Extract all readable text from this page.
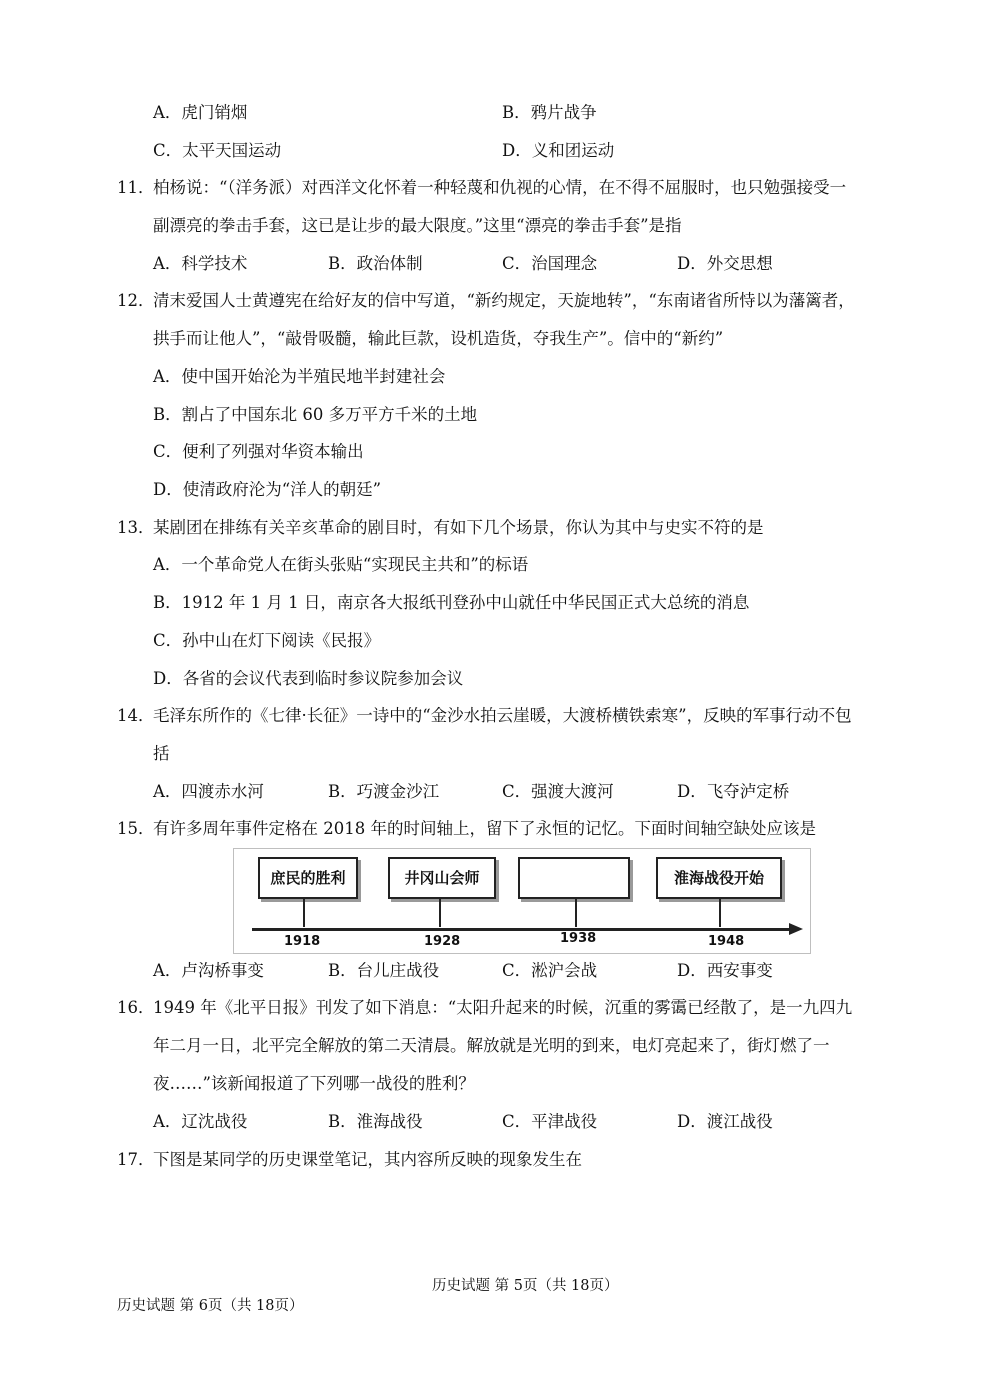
A．虎门销烟	B．鸦片战争
C．太平天国运动	D．义和团运动
11．
柏杨说：“（洋务派）对西洋文化怀着一种轻蔑和仇视的心情，在不得不屈服时，也只勉强接受一
副漂亮的拳击手套，这已是让步的最大限度。”这里“漂亮的拳击手套”是指
A．科学技术	B．政治体制	C．治国理念	D．外交思想
12．
清末爱国人士黄遵宪在给好友的信中写道，“新约规定，天旋地转”，“东南诸省所恃以为藩篱者，
拱手而让他人”，“敲骨吸髓，输此巨款，设机造货，夺我生产”。信中的“新约”
A．使中国开始沦为半殖民地半封建社会
B．割占了中国东北 60 多万平方千米的土地
C．便利了列强对华资本输出
D．使清政府沦为“洋人的朝廷”
13．
某剧团在排练有关辛亥革命的剧目时，有如下几个场景，你认为其中与史实不符的是
A．一个革命党人在街头张贴“实现民主共和”的标语
B．1912 年 1 月 1 日，南京各大报纸刊登孙中山就任中华民国正式大总统的消息
C．孙中山在灯下阅读《民报》
D．各省的会议代表到临时参议院参加会议
14．
毛泽东所作的《七律·长征》一诗中的“金沙水拍云崖暖，大渡桥横铁索寒”，反映的军事行动不包
括
A．四渡赤水河	B．巧渡金沙江	C．强渡大渡河	D．飞夺泸定桥
15．
有许多周年事件定格在 2018 年的时间轴上，留下了永恒的记忆。下面时间轴空缺处应该是
庶民的胜利	井冈山会师	淮海战役开始
1918	1928	1938	1948
A．卢沟桥事变	B．台儿庄战役	C．淞沪会战	D．西安事变
16．
1949 年《北平日报》刊发了如下消息：“太阳升起来的时候，沉重的雾霭已经散了，是一九四九
年二月一日，北平完全解放的第二天清晨。解放就是光明的到来，电灯亮起来了，街灯燃了一
夜……”该新闻报道了下列哪一战役的胜利？
A．辽沈战役	B．淮海战役	C．平津战役	D．渡江战役
17．
下图是某同学的历史课堂笔记，其内容所反映的现象发生在
历史试题 第 5页（共 18页）
历史试题 第 6页（共 18页）
